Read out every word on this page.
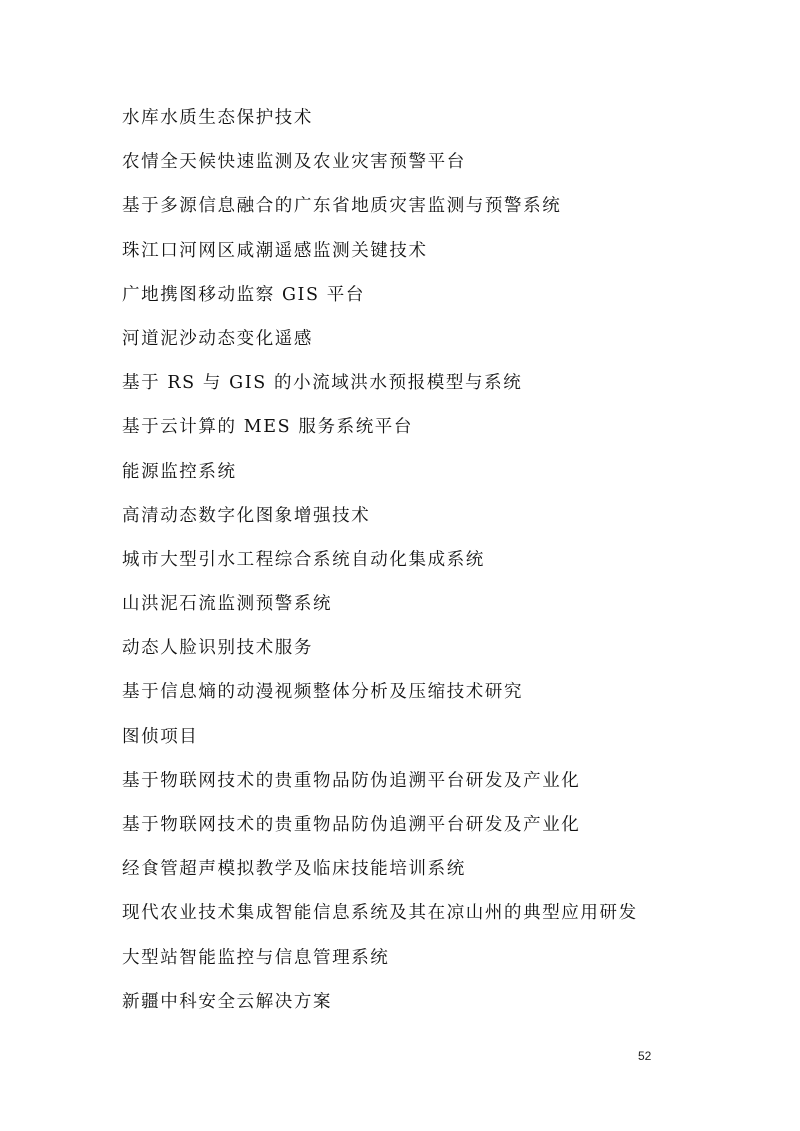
水库水质生态保护技术
农情全天候快速监测及农业灾害预警平台
基于多源信息融合的广东省地质灾害监测与预警系统
珠江口河网区咸潮遥感监测关键技术
广地携图移动监察 GIS 平台
河道泥沙动态变化遥感
基于 RS 与 GIS 的小流域洪水预报模型与系统
基于云计算的 MES 服务系统平台
能源监控系统
高清动态数字化图象增强技术
城市大型引水工程综合系统自动化集成系统
山洪泥石流监测预警系统
动态人脸识别技术服务
基于信息熵的动漫视频整体分析及压缩技术研究
图侦项目
基于物联网技术的贵重物品防伪追溯平台研发及产业化
基于物联网技术的贵重物品防伪追溯平台研发及产业化
经食管超声模拟教学及临床技能培训系统
现代农业技术集成智能信息系统及其在凉山州的典型应用研发
大型站智能监控与信息管理系统
新疆中科安全云解决方案
52
